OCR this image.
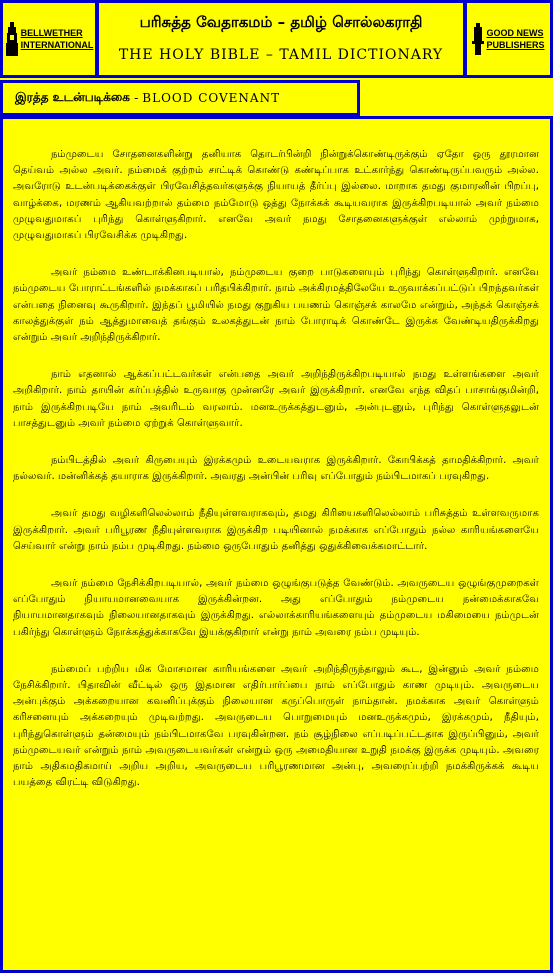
BELLWETHER
INTERNATIONAL
பரிசுத்த வேதாகமம் – தமிழ் சொல்லகராதி
THE HOLY BIBLE – TAMIL DICTIONARY
GOOD NEWS
PUBLISHERS
இரத்த உடன்படிக்கை - BLOOD COVENANT

நம்முடைய சோதனைகளின்று தனியாக தொடர்பின்றி நின்றுக்கொண்டிருக்கும் ஏதோ ஒரு தூரமான தெய்வம் அல்ல அவர். நம்மைக் குற்றம் சாட்டிக் கொண்டு கண்டிப்பாக உட்கார்ந்து கொண்டிருப்பவரும் அல்ல. அவரோடு உடன்படிக்கைக்குள் பிரவேசித்தவர்களுக்கு நியாயத் தீர்ப்பு இல்லை. மாறாக தமது குமாரனின் பிறப்பு, வாழ்க்கை, மரணம் ஆகியவற்றால் தம்மை நம்மோடு ஒத்து நோக்கக் கூடியவராக இருக்கிறபடியால் அவர் நம்மை முழுவதுமாகப் புரிந்து கொள்ளுகிறார். எனவே அவர் நமது சோதனைகளுக்குள் எல்லாம் முற்றுமாக, முழுவதுமாகப் பிரவேசிக்க முடிகிறது.

அவர் நம்மை உண்டாக்கினபடியால், நம்முடைய குறை பாடுகளையும் புரிந்து கொள்ளுகிறார். எனவே நம்முடைய போராட்டங்களில் நமக்காகப் பரிதபிக்கிறார். நாம் அக்கிரமத்திலேயே உருவாக்கப்பட்டுப் பிறந்தவர்கள் என்பதை நினைவு கூருகிறார். இந்தப் பூமியில் நமது குறுகிய பயணம் கொஞ்சக் காலமே என்றும், அந்தக் கொஞ்சக் காலத்துக்குள் நம் ஆத்துமாவைத் தங்கும் உலகத்துடன் நாம் போராடிக் கொண்டே இருக்க வேண்டியதிருக்கிறது என்றும் அவர் அறிந்திருக்கிறார்.

நாம் எதனால் ஆக்கப்பட்டவர்கள் என்பதை அவர் அறிந்திருக்கிறபடியால் நமது உள்ளங்களை அவர் அறிகிறார். நாம் தாயின் கர்ப்பத்தில் உருவாகு முன்னரே அவர் இருக்கிறார். எனவே எந்த விதப் பாசாங்குமின்றி, நாம் இருக்கிறபடியே நாம் அவரிடம் வரலாம். மனஉருக்கத்துடனும், அன்புடனும், புரிந்து கொள்ளுதலுடன் பாசத்துடனும் அவர் நம்மை ஏற்றுக் கொள்ளுவார்.

நம்பிடத்தில் அவர் கிருபையும் இரக்கமும் உடையவராக இருக்கிறார். கோபிக்கத் தாமதிக்கிறார். அவர் நல்லவர். மன்னிக்கத் தயாராக இருக்கிறார். அவரது அன்பின் பரிவு எப்போதும் நம்பிடமாகப் பரவுகிறது.

அவர் தமது வழிகளிலெல்லாம் நீதியுள்ளவராகவும், தமது கிரியைகளிலெல்லாம் பரிசுத்தம் உள்ளவருமாக இருக்கிறார். அவர் பரிபூரண நீதியுள்ளவராக இருக்கிற படியினால் நமக்காக எப்போதும் நல்ல காரியங்களையே செய்வார் என்று நாம் நம்ப முடிகிறது. நம்மை ஒருபோதும் தனித்து ஒதுக்கிவைக்கமாட்டார்.

அவர் நம்மை நேசிக்கிறபடியால், அவர் நம்மை ஒழுங்குபடுத்த வேண்டும். அவருடைய ஒழுங்குமுறைகள் எப்போதும் நியாயமானவையாக இருக்கின்றன. அது எப்போதும் நம்முடைய நன்மைக்காகவே நியாயமானதாகவும் நிலையானதாகவும் இருக்கிறது. எல்லாக்காரியங்களையும் தம்முடைய மகிமையை நம்முடன் பகிர்ந்து கொள்ளும் நோக்கத்துக்காகவே இயக்குகிறார் என்று நாம் அவரை நம்ப முடியும்.

நம்மைப் பற்றிய மிக மோசமான காரியங்களை அவர் அறிந்திருந்தாலும் கூட, இன்னும் அவர் நம்மை நேசிக்கிறார். பிதாவின் வீட்டில் ஒரு இதமான எதிர்பார்ப்பை நாம் எப்போதும் காண முடியும். அவருடைய அன்புக்கும் அக்கறையான கவனிப்புக்கும் நிலையான கருப்பொருள் நாம்தான். நமக்காக அவர் கொள்ளும் கரிசனையும் அக்கறையும் முடிவற்றது. அவருடைய பொறுமையும் மனஉருக்கமும், இரக்கமும், நீதியும், புரிந்துகொள்ளும் தன்மையும் நம்பிடமாகவே பரவுகின்றன. நம் சூழ்நிலை எப்படிப்பட்டதாக இருப்பினும், அவர் நம்முடையவர் என்றும் நாம் அவருடையவர்கள் என்றும் ஒரு அமைதியான உறுதி நமக்கு இருக்க முடியும். அவரை நாம் அதிகமதிகமாய் அறிய அறிய, அவருடைய பரிபூரணமான அன்பு, அவரைப்பற்றி நமக்கிருக்கக் கூடிய பயத்தை விரட்டி விடுகிறது.
